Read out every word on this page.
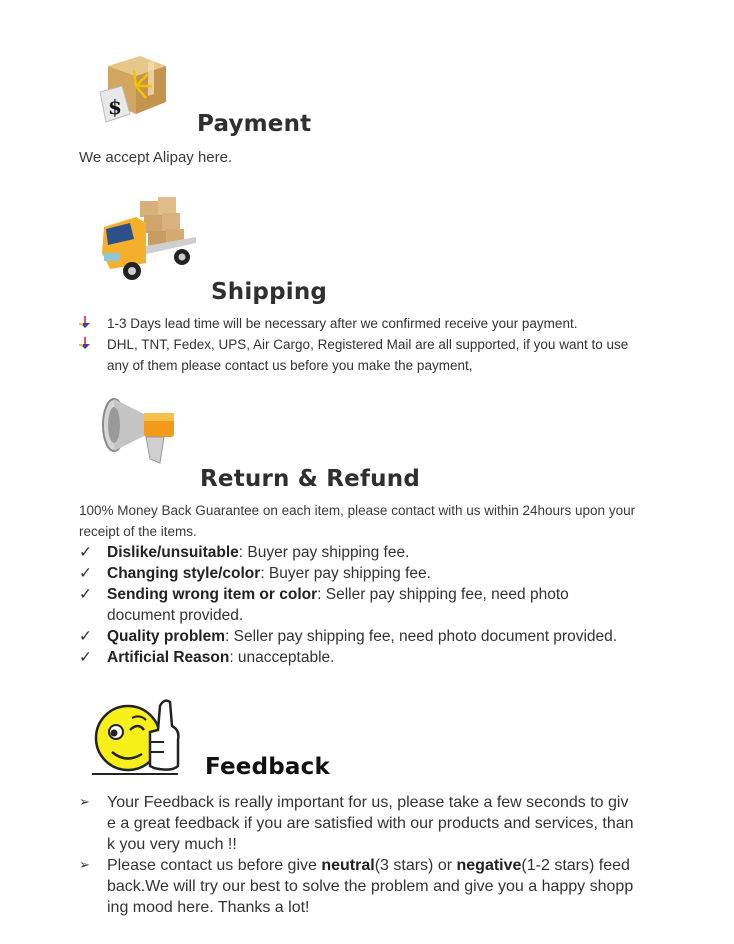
$
Payment
We accept Alipay here.
Shipping
1-3 Days lead time will be necessary after we confirmed receive your payment.
DHL, TNT, Fedex, UPS, Air Cargo, Registered Mail are all supported, if you want to use any of them please contact us before you make the payment,
Return & Refund
100% Money Back Guarantee on each item, please contact with us within 24hours upon your receipt of the items.
✓ Dislike/unsuitable: Buyer pay shipping fee.
✓ Changing style/color: Buyer pay shipping fee.
✓ Sending wrong item or color: Seller pay shipping fee, need photo document provided.
✓ Quality problem: Seller pay shipping fee, need photo document provided.
✓ Artificial Reason: unacceptable.
Feedback
➢ Your Feedback is really important for us, please take a few seconds to give a great feedback if you are satisfied with our products and services, thank you very much !!
➢ Please contact us before give neutral(3 stars) or negative(1-2 stars) feedback.We will try our best to solve the problem and give you a happy shopping mood here. Thanks a lot!
